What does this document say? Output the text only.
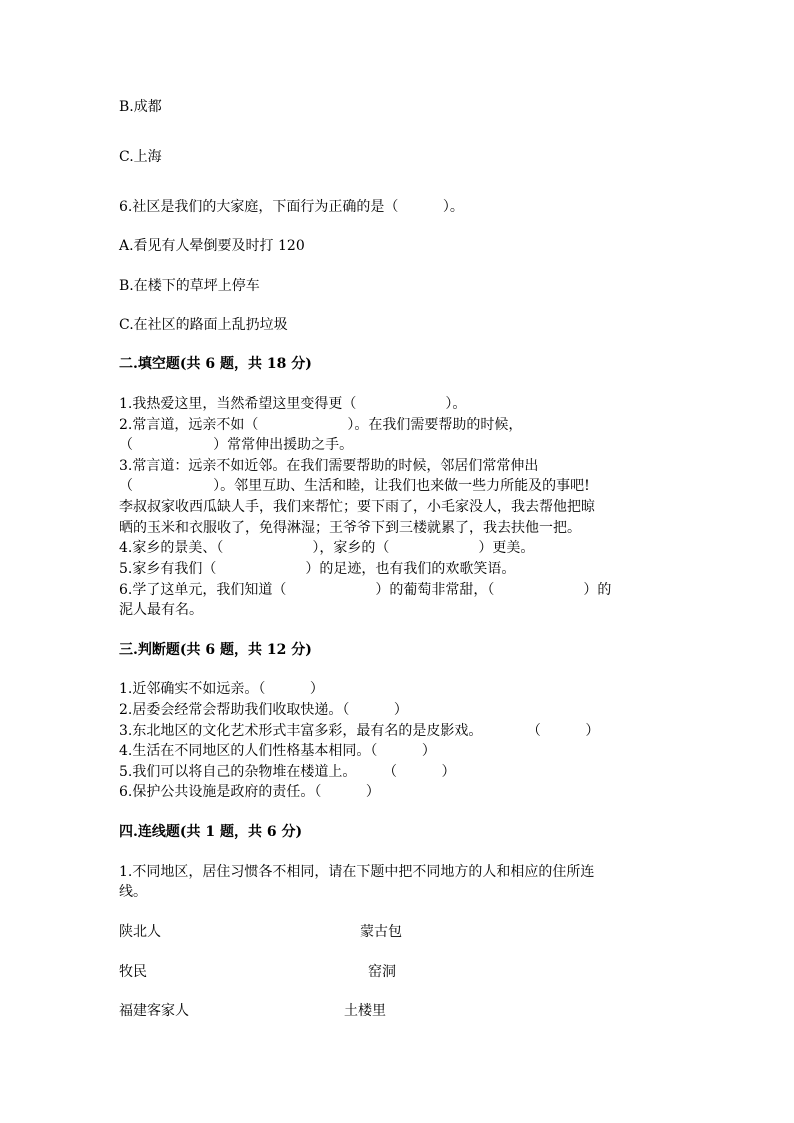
B.成都
C.上海
6.社区是我们的大家庭，下面行为正确的是（          ）。
A.看见有人晕倒要及时打 120
B.在楼下的草坪上停车
C.在社区的路面上乱扔垃圾
二.填空题(共 6 题，共 18 分)
1.我热爱这里，当然希望这里变得更（                    ）。
2.常言道，远亲不如（                    ）。在我们需要帮助的时候，
（                  ）常常伸出援助之手。
3.常言道：远亲不如近邻。在我们需要帮助的时候，邻居们常常伸出
（                  ）。邻里互助、生活和睦，让我们也来做一些力所能及的事吧!
李叔叔家收西瓜缺人手，我们来帮忙；要下雨了，小毛家没人，我去帮他把晾
晒的玉米和衣服收了，免得淋湿；王爷爷下到三楼就累了，我去扶他一把。
4.家乡的景美、（                    ），家乡的（                    ）更美。
5.家乡有我们（                    ）的足迹，也有我们的欢歌笑语。
6.学了这单元，我们知道（                    ）的葡萄非常甜，（                    ）的
泥人最有名。
三.判断题(共 6 题，共 12 分)
1.近邻确实不如远亲。（          ）
2.居委会经常会帮助我们收取快递。（          ）
3.东北地区的文化艺术形式丰富多彩，最有名的是皮影戏。          （          ）
4.生活在不同地区的人们性格基本相同。（          ）
5.我们可以将自己的杂物堆在楼道上。      （          ）
6.保护公共设施是政府的责任。（          ）
四.连线题(共 1 题，共 6 分)
1.不同地区，居住习惯各不相同，请在下题中把不同地方的人和相应的住所连
线。
陕北人	蒙古包
牧民	窑洞
福建客家人	土楼里
